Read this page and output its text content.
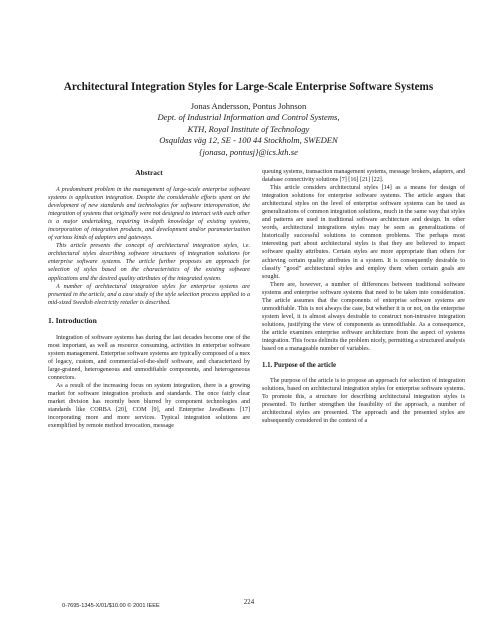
Architectural Integration Styles for Large-Scale Enterprise Software Systems
Jonas Andersson, Pontus Johnson
Dept. of Industrial Information and Control Systems,
KTH, Royal Institute of Technology
Osquldas väg 12, SE - 100 44 Stockholm, SWEDEN
{jonasa, pontusj}@ics.kth.se
Abstract

A predominant problem in the management of large-scale enterprise software systems is application integration. Despite the considerable efforts spent on the development of new standards and technologies for software interoperation, the integration of systems that originally were not designed to interact with each other is a major undertaking, requiring in-depth knowledge of existing systems, incorporation of integration products, and development and/or parameterization of various kinds of adapters and gateways.

This article presents the concept of architectural integration styles, i.e. architectural styles describing software structures of integration solutions for enterprise software systems. The article further proposes an approach for selection of styles based on the characteristics of the existing software applications and the desired quality attributes of the integrated system.

A number of architectural integration styles for enterprise systems are presented in the article, and a case study of the style selection process applied to a mid-sized Swedish electricity retailer is described.

1. Introduction

Integration of software systems has during the last decades become one of the most important, as well as resource consuming, activities in enterprise software system management. Enterprise software systems are typically composed of a mex of legacy, custom, and commercial-of-the-shelf software, and characterized by large-grained, heterogeneous and unmodifiable components, and heterogeneous connectors.

As a result of the increasing focus on system integration, there is a growing market for software integration products and standards. The once fairly clear market division has recently been blurred by component technologies and standards like CORBA [20], COM [9], and Enterprise JavaBeans [17] incorporating more and more services. Typical integration solutions are exemplified by remote method invocation, message

queuing systems, transaction management systems, message brokers, adapters, and database connectivity solutions [7] [16] [21] [22].

This article considers architectural styles [14] as a means for design of integration solutions for enterprise software systems. The article argues that architectural styles on the level of enterprise software systems can be used as generalizations of common integration solutions, much in the same way that styles and patterns are used in traditional software architecture and design. In other words, architectural integrations styles may be seen as generalizations of historically successful solutions to common problems. The perhaps most interesting part about architectural styles is that they are believed to impact software quality attributes. Certain styles are more appropriate than others for achieving certain quality attributes in a system. It is consequently desirable to classify "good" architectural styles and employ them when certain goals are sought.

There are, however, a number of differences between traditional software systems and enterprise software systems that need to be taken into consideration. The article assumes that the components of enterprise software systems are unmodifiable. This is not always the case, but whether it is or not, on the enterprise system level, it is almost always desirable to construct non-intrusive integration solutions, justifying the view of components as unmodifiable. As a consequence, the article examines enterprise software architecture from the aspect of systems integration. This focus delimits the problem nicely, permitting a structured analysis based on a manageable number of variables.

1.1. Purpose of the article

The purpose of the article is to propose an approach for selection of integration solutions, based on architectural integration styles for enterprise software systems. To promote this, a structure for describing architectural integration styles is presented. To further strengthen the feasibility of the approach, a number of architectural styles are presented. The approach and the presented styles are subsequently considered in the context of a

0-7695-1345-X/01/$10.00 © 2001 IEEE	224
